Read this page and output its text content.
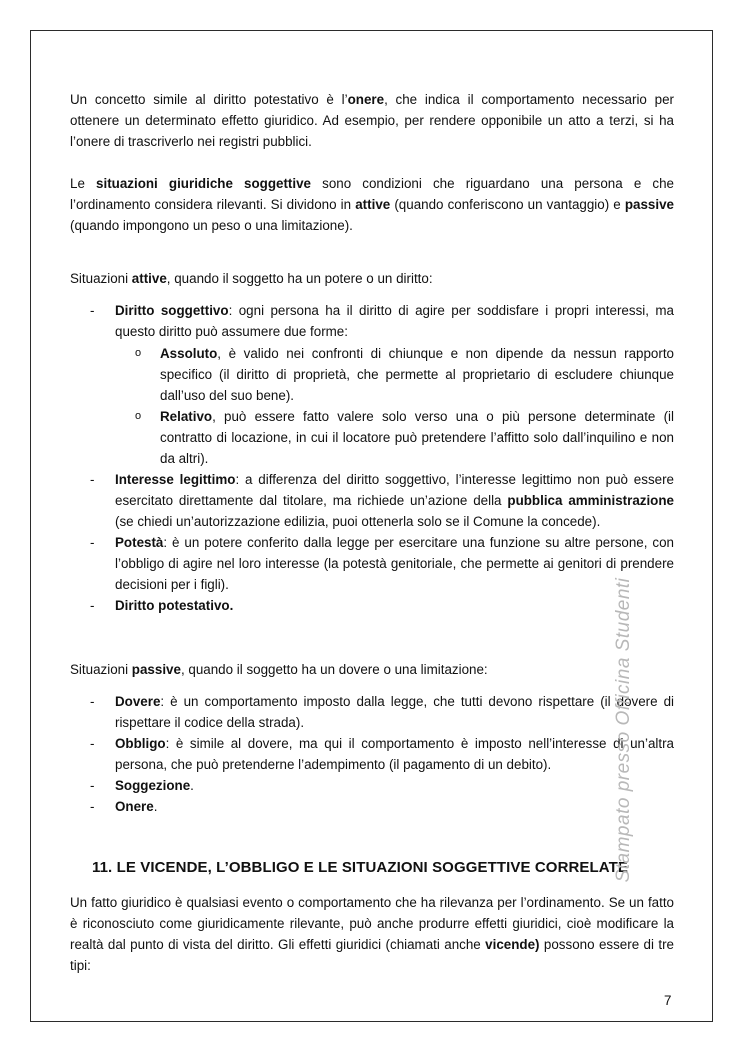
Un concetto simile al diritto potestativo è l’onere, che indica il comportamento necessario per ottenere un determinato effetto giuridico. Ad esempio, per rendere opponibile un atto a terzi, si ha l’onere di trascriverlo nei registri pubblici.

Le situazioni giuridiche soggettive sono condizioni che riguardano una persona e che l’ordinamento considera rilevanti. Si dividono in attive (quando conferiscono un vantaggio) e passive (quando impongono un peso o una limitazione).

Situazioni attive, quando il soggetto ha un potere o un diritto:

- Diritto soggettivo: ogni persona ha il diritto di agire per soddisfare i propri interessi, ma questo diritto può assumere due forme:
o Assoluto, è valido nei confronti di chiunque e non dipende da nessun rapporto specifico (il diritto di proprietà, che permette al proprietario di escludere chiunque dall’uso del suo bene).
o Relativo, può essere fatto valere solo verso una o più persone determinate (il contratto di locazione, in cui il locatore può pretendere l’affitto solo dall’inquilino e non da altri).
- Interesse legittimo: a differenza del diritto soggettivo, l’interesse legittimo non può essere esercitato direttamente dal titolare, ma richiede un’azione della pubblica amministrazione (se chiedi un’autorizzazione edilizia, puoi ottenerla solo se il Comune la concede).
- Potestà: è un potere conferito dalla legge per esercitare una funzione su altre persone, con l’obbligo di agire nel loro interesse (la potestà genitoriale, che permette ai genitori di prendere decisioni per i figli).
- Diritto potestativo.

Situazioni passive, quando il soggetto ha un dovere o una limitazione:

- Dovere: è un comportamento imposto dalla legge, che tutti devono rispettare (il dovere di rispettare il codice della strada).
- Obbligo: è simile al dovere, ma qui il comportamento è imposto nell’interesse di un’altra persona, che può pretenderne l’adempimento (il pagamento di un debito).
- Soggezione.
- Onere.
11. LE VICENDE, L’OBBLIGO E LE SITUAZIONI SOGGETTIVE CORRELATE

Un fatto giuridico è qualsiasi evento o comportamento che ha rilevanza per l’ordinamento. Se un fatto è riconosciuto come giuridicamente rilevante, può anche produrre effetti giuridici, cioè modificare la realtà dal punto di vista del diritto. Gli effetti giuridici (chiamati anche vicende) possono essere di tre tipi:

7
Stampato presso Officina Studenti
